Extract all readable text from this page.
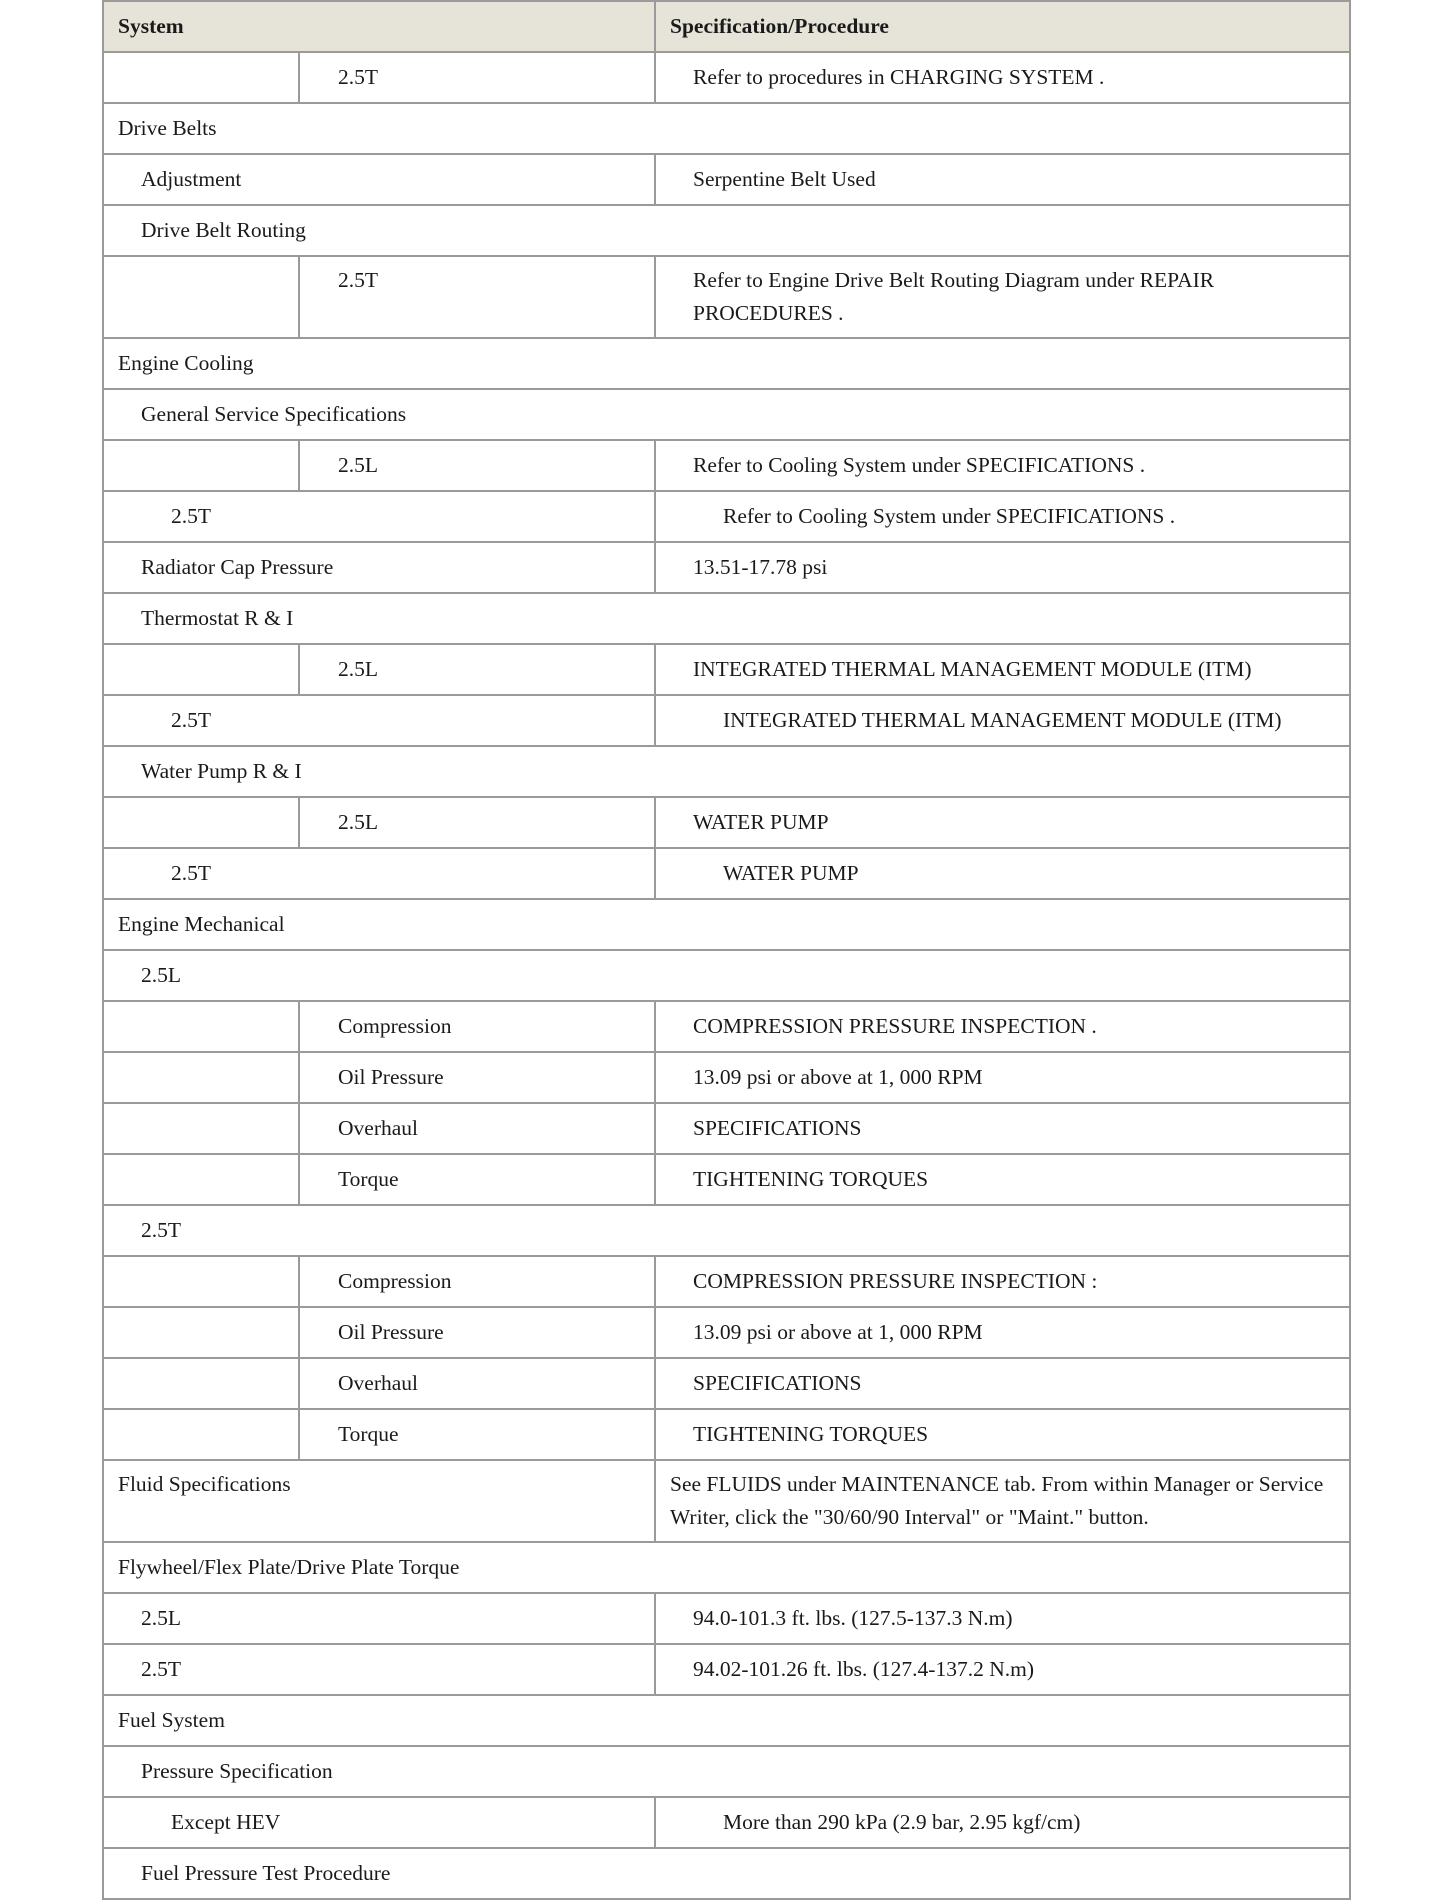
System		Specification/Procedure
	2.5T	Refer to procedures in CHARGING SYSTEM .
Drive Belts		
Adjustment		Serpentine Belt Used
Drive Belt Routing		
	2.5T	Refer to Engine Drive Belt Routing Diagram under REPAIR PROCEDURES .
Engine Cooling		
General Service Specifications		
	2.5L	Refer to Cooling System under SPECIFICATIONS .
2.5T		Refer to Cooling System under SPECIFICATIONS .
Radiator Cap Pressure		13.51-17.78 psi
Thermostat R & I		
	2.5L	INTEGRATED THERMAL MANAGEMENT MODULE (ITM)
2.5T		INTEGRATED THERMAL MANAGEMENT MODULE (ITM)
Water Pump R & I		
	2.5L	WATER PUMP
2.5T		WATER PUMP
Engine Mechanical		
2.5L		
	Compression	COMPRESSION PRESSURE INSPECTION .
	Oil Pressure	13.09 psi or above at 1, 000 RPM
	Overhaul	SPECIFICATIONS
	Torque	TIGHTENING TORQUES
2.5T		
	Compression	COMPRESSION PRESSURE INSPECTION :
	Oil Pressure	13.09 psi or above at 1, 000 RPM
	Overhaul	SPECIFICATIONS
	Torque	TIGHTENING TORQUES
Fluid Specifications		See FLUIDS under MAINTENANCE tab. From within Manager or Service Writer, click the "30/60/90 Interval" or "Maint." button.
Flywheel/Flex Plate/Drive Plate Torque		
2.5L		94.0-101.3 ft. lbs. (127.5-137.3 N.m)
2.5T		94.02-101.26 ft. lbs. (127.4-137.2 N.m)
Fuel System		
Pressure Specification		
Except HEV		More than 290 kPa (2.9 bar, 2.95 kgf/cm)
Fuel Pressure Test Procedure		
